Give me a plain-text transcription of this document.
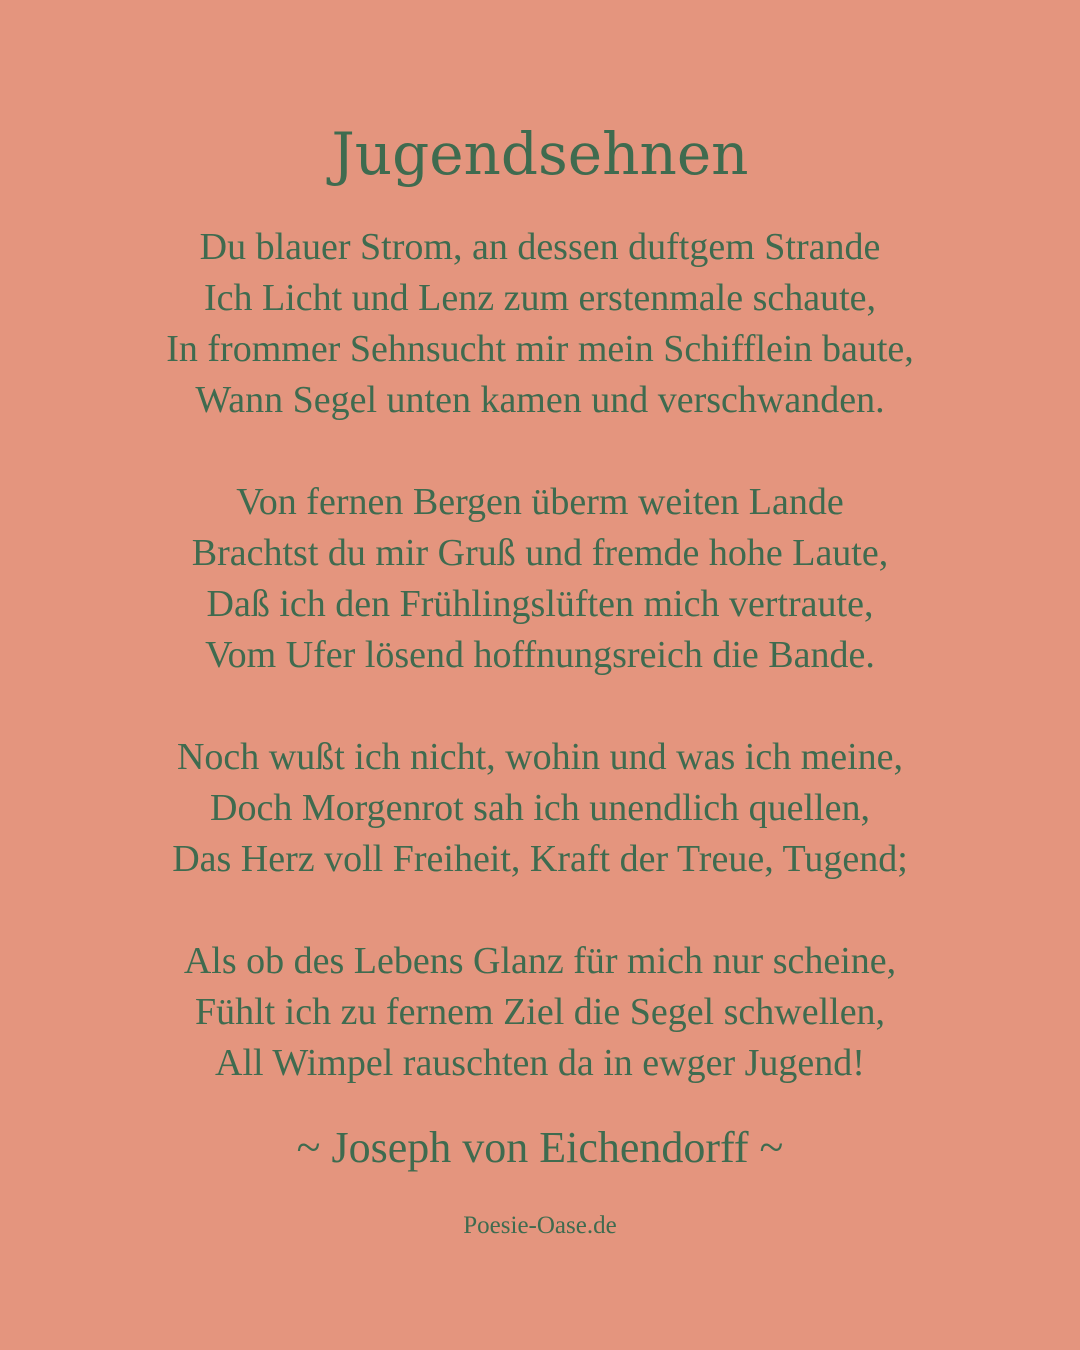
Jugendsehnen
Du blauer Strom, an dessen duftgem Strande
Ich Licht und Lenz zum erstenmale schaute,
In frommer Sehnsucht mir mein Schifflein baute,
Wann Segel unten kamen und verschwanden.
Von fernen Bergen überm weiten Lande
Brachtst du mir Gruß und fremde hohe Laute,
Daß ich den Frühlingslüften mich vertraute,
Vom Ufer lösend hoffnungsreich die Bande.
Noch wußt ich nicht, wohin und was ich meine,
Doch Morgenrot sah ich unendlich quellen,
Das Herz voll Freiheit, Kraft der Treue, Tugend;
Als ob des Lebens Glanz für mich nur scheine,
Fühlt ich zu fernem Ziel die Segel schwellen,
All Wimpel rauschten da in ewger Jugend!
~ Joseph von Eichendorff ~
Poesie-Oase.de
